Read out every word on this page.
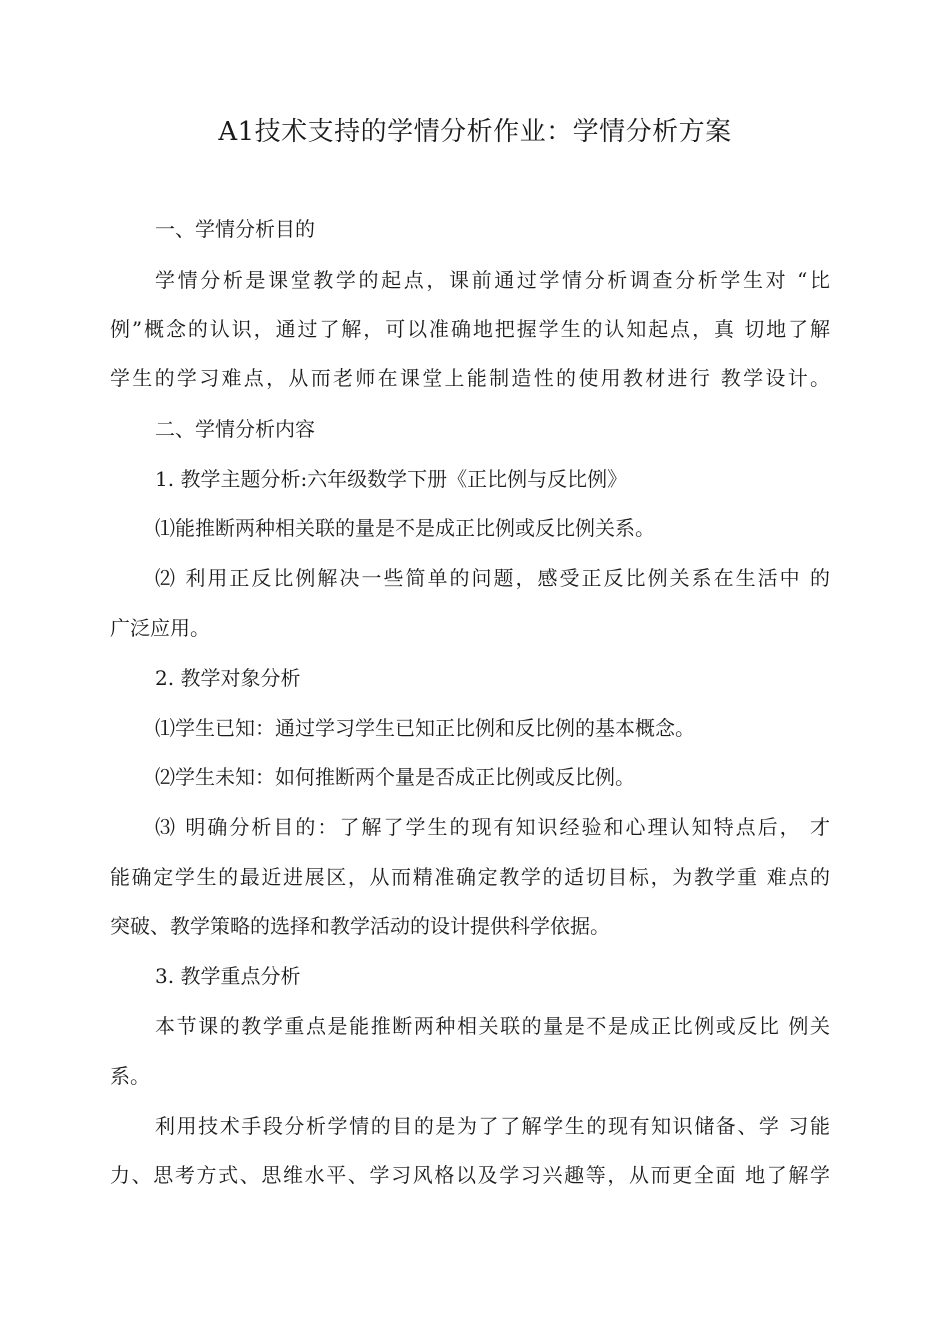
A1技术支持的学情分析作业：学情分析方案
一、学情分析目的
学情分析是课堂教学的起点，课前通过学情分析调查分析学生对 “比
例”概念的认识，通过了解，可以准确地把握学生的认知起点，真 切地了解
学生的学习难点，从而老师在课堂上能制造性的使用教材进行 教学设计。
二、学情分析内容
1. 教学主题分析:六年级数学下册《正比例与反比例》
⑴能推断两种相关联的量是不是成正比例或反比例关系。
⑵ 利用正反比例解决一些简单的问题，感受正反比例关系在生活中 的
广泛应用。
2. 教学对象分析
⑴学生已知：通过学习学生已知正比例和反比例的基本概念。
⑵学生未知：如何推断两个量是否成正比例或反比例。
⑶ 明确分析目的：了解了学生的现有知识经验和心理认知特点后， 才
能确定学生的最近进展区，从而精准确定教学的适切目标，为教学重 难点的
突破、教学策略的选择和教学活动的设计提供科学依据。
3. 教学重点分析
本节课的教学重点是能推断两种相关联的量是不是成正比例或反比 例关
系。
利用技术手段分析学情的目的是为了了解学生的现有知识储备、学 习能
力、思考方式、思维水平、学习风格以及学习兴趣等，从而更全面 地了解学
